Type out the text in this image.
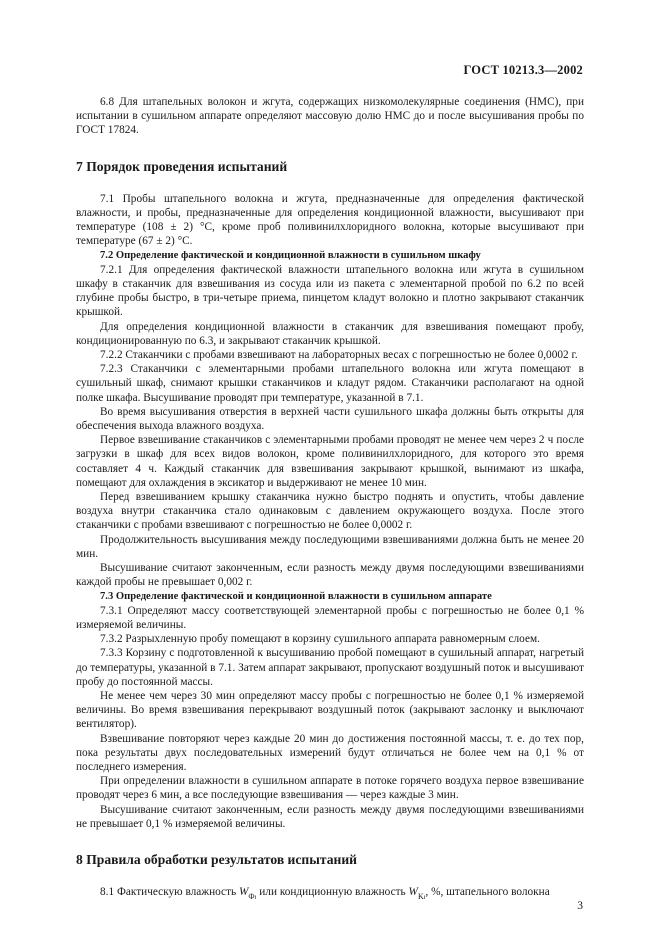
ГОСТ 10213.3—2002

6.8 Для штапельных волокон и жгута, содержащих низкомолекулярные соединения (НМС), при испытании в сушильном аппарате определяют массовую долю НМС до и после высушивания пробы по ГОСТ 17824.

7 Порядок проведения испытаний

7.1 Пробы штапельного волокна и жгута, предназначенные для определения фактической влажности, и пробы, предназначенные для определения кондиционной влажности, высушивают при температуре (108 ± 2) °С, кроме проб поливинилхлоридного волокна, которые высушивают при температуре (67 ± 2) °С.

7.2 Определение фактической и кондиционной влажности в сушильном шкафу

7.2.1 Для определения фактической влажности штапельного волокна или жгута в сушильном шкафу в стаканчик для взвешивания из сосуда или из пакета с элементарной пробой по 6.2 по всей глубине пробы быстро, в три-четыре приема, пинцетом кладут волокно и плотно закрывают стаканчик крышкой.

Для определения кондиционной влажности в стаканчик для взвешивания помещают пробу, кондиционированную по 6.3, и закрывают стаканчик крышкой.

7.2.2 Стаканчики с пробами взвешивают на лабораторных весах с погрешностью не более 0,0002 г.

7.2.3 Стаканчики с элементарными пробами штапельного волокна или жгута помещают в сушильный шкаф, снимают крышки стаканчиков и кладут рядом. Стаканчики располагают на одной полке шкафа. Высушивание проводят при температуре, указанной в 7.1.

Во время высушивания отверстия в верхней части сушильного шкафа должны быть открыты для обеспечения выхода влажного воздуха.

Первое взвешивание стаканчиков с элементарными пробами проводят не менее чем через 2 ч после загрузки в шкаф для всех видов волокон, кроме поливинилхлоридного, для которого это время составляет 4 ч. Каждый стаканчик для взвешивания закрывают крышкой, вынимают из шкафа, помещают для охлаждения в эксикатор и выдерживают не менее 10 мин.

Перед взвешиванием крышку стаканчика нужно быстро поднять и опустить, чтобы давление воздуха внутри стаканчика стало одинаковым с давлением окружающего воздуха. После этого стаканчики с пробами взвешивают с погрешностью не более 0,0002 г.

Продолжительность высушивания между последующими взвешиваниями должна быть не менее 20 мин.

Высушивание считают законченным, если разность между двумя последующими взвешиваниями каждой пробы не превышает 0,002 г.

7.3 Определение фактической и кондиционной влажности в сушильном аппарате

7.3.1 Определяют массу соответствующей элементарной пробы с погрешностью не более 0,1 % измеряемой величины.

7.3.2 Разрыхленную пробу помещают в корзину сушильного аппарата равномерным слоем.

7.3.3 Корзину с подготовленной к высушиванию пробой помещают в сушильный аппарат, нагретый до температуры, указанной в 7.1. Затем аппарат закрывают, пропускают воздушный поток и высушивают пробу до постоянной массы.

Не менее чем через 30 мин определяют массу пробы с погрешностью не более 0,1 % измеряемой величины. Во время взвешивания перекрывают воздушный поток (закрывают заслонку и выключают вентилятор).

Взвешивание повторяют через каждые 20 мин до достижения постоянной массы, т. е. до тех пор, пока результаты двух последовательных измерений будут отличаться не более чем на 0,1 % от последнего измерения.

При определении влажности в сушильном аппарате в потоке горячего воздуха первое взвешивание проводят через 6 мин, а все последующие взвешивания — через каждые 3 мин.

Высушивание считают законченным, если разность между двумя последующими взвешиваниями не превышает 0,1 % измеряемой величины.

8 Правила обработки результатов испытаний

8.1 Фактическую влажность $W_{Фi}$ или кондиционную влажность $W_{Ki}$, %, штапельного волокна

3
